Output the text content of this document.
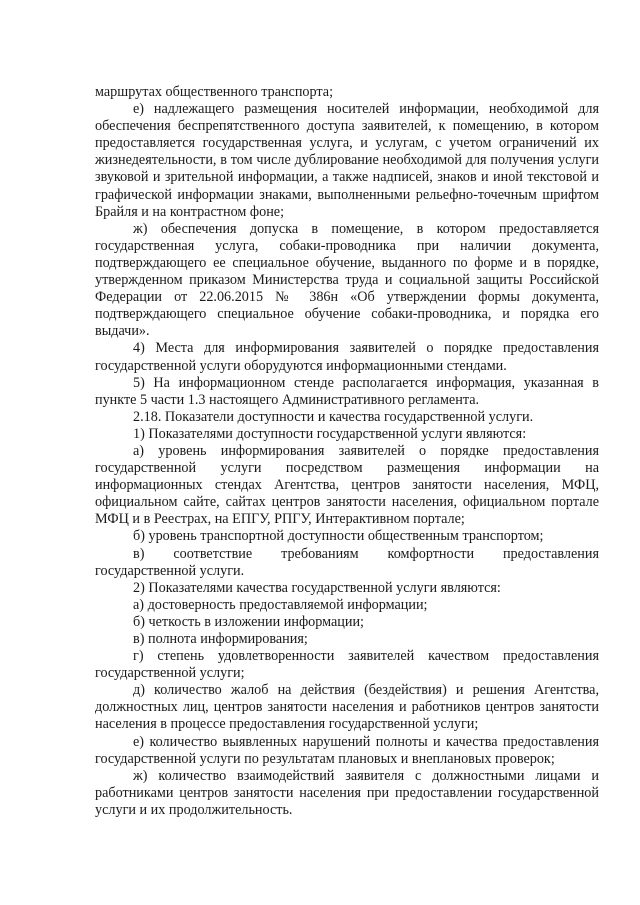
маршрутах общественного транспорта;

е) надлежащего размещения носителей информации, необходимой для обеспечения беспрепятственного доступа заявителей, к помещению, в котором предоставляется государственная услуга, и услугам, с учетом ограничений их жизнедеятельности, в том числе дублирование необходимой для получения услуги звуковой и зрительной информации, а также надписей, знаков и иной текстовой и графической информации знаками, выполненными рельефно-точечным шрифтом Брайля и на контрастном фоне;

ж) обеспечения допуска в помещение, в котором предоставляется государственная услуга, собаки-проводника при наличии документа, подтверждающего ее специальное обучение, выданного по форме и в порядке, утвержденном приказом Министерства труда и социальной защиты Российской Федерации от 22.06.2015 № 386н «Об утверждении формы документа, подтверждающего специальное обучение собаки-проводника, и порядка его выдачи».

4) Места для информирования заявителей о порядке предоставления государственной услуги оборудуются информационными стендами.

5) На информационном стенде располагается информация, указанная в пункте 5 части 1.3 настоящего Административного регламента.

2.18. Показатели доступности и качества государственной услуги.

1) Показателями доступности государственной услуги являются:

а) уровень информирования заявителей о порядке предоставления государственной услуги посредством размещения информации на информационных стендах Агентства, центров занятости населения, МФЦ, официальном сайте, сайтах центров занятости населения, официальном портале МФЦ и в Реестрах, на ЕПГУ, РПГУ, Интерактивном портале;

б) уровень транспортной доступности общественным транспортом;

в) соответствие требованиям комфортности предоставления государственной услуги.

2) Показателями качества государственной услуги являются:

а) достоверность предоставляемой информации;

б) четкость в изложении информации;

в) полнота информирования;

г) степень удовлетворенности заявителей качеством предоставления государственной услуги;

д) количество жалоб на действия (бездействия) и решения Агентства, должностных лиц, центров занятости населения и работников центров занятости населения в процессе предоставления государственной услуги;

е) количество выявленных нарушений полноты и качества предоставления государственной услуги по результатам плановых и внеплановых проверок;

ж) количество взаимодействий заявителя с должностными лицами и работниками центров занятости населения при предоставлении государственной услуги и их продолжительность.
